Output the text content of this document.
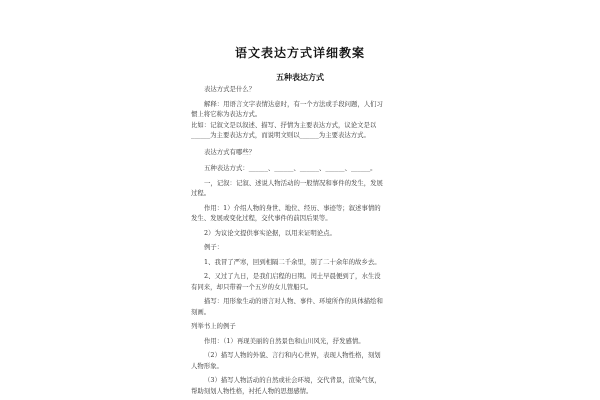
语文表达方式详细教案
五种表达方式

表达方式是什么？

解释：用语言文字表情达意时，有一个方法或手段问题，人们习

惯上将它称为表达方式。

比如：记叙文是以叙述、描写、抒情为主要表达方式，议论文是以

______为主要表达方式，而说明文则以______为主要表达方式。

表达方式有哪些？

五种表达方式：______、______、______、______、______。

一，记叙：记叙、述说人物活动的一般情况和事件的发生，发展

过程。

作用：1）介绍人物的身世、地位、经历、事迹等；叙述事情的

发生、发展或变化过程，交代事件的前因后果等。

2）为议论文提供事实论据，以用来证明论点。

例子：

1、我冒了严寒，回到相隔二千余里，别了二十余年的故乡去。

2、又过了九日，是我们启程的日期。闰土早晨便到了，水生没

有同来，却只带着一个五岁的女儿管船只。

描写：用形象生动的语言对人物、事件、环境所作的具体描绘和

刻画。

列举书上的例子

作用：（1）再现美丽的自然景色和山川风光，抒发感情。

（2）描写人物的外貌、言行和内心世界，表现人物性格，刻划

人物形象。

（3）描写人物活动的自然或社会环境，交代背景，渲染气氛，

帮助刻划人物性格，衬托人物的思想感情。
